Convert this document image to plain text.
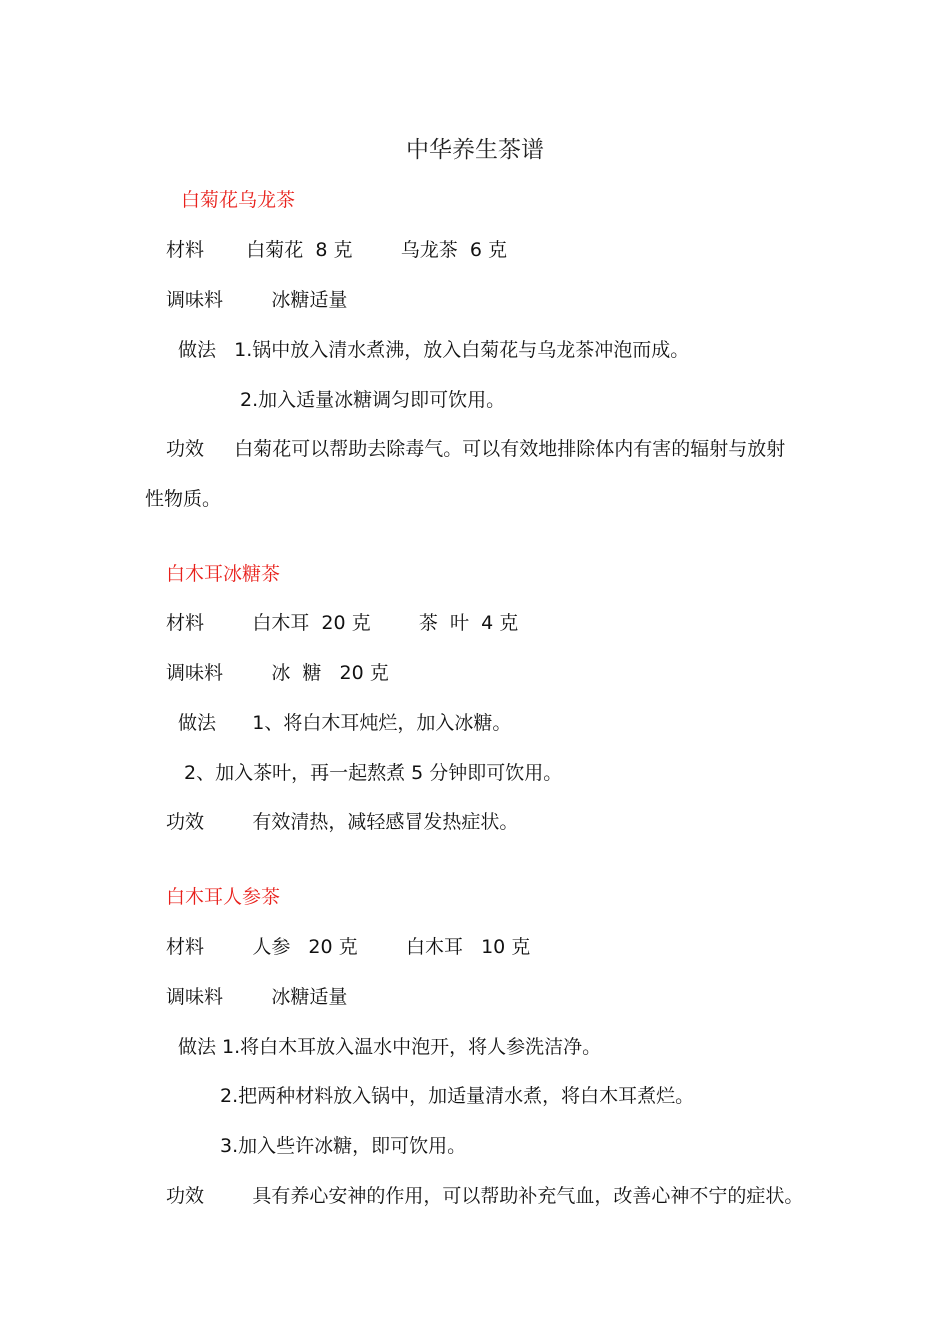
中华养生茶谱
白菊花乌龙茶
材料       白菊花  8 克        乌龙茶  6 克
调味料        冰糖适量
做法   1.锅中放入清水煮沸，放入白菊花与乌龙茶冲泡而成。
2.加入适量冰糖调匀即可饮用。
功效     白菊花可以帮助去除毒气。可以有效地排除体内有害的辐射与放射
性物质。
白木耳冰糖茶
材料        白木耳  20 克        茶  叶  4 克
调味料        冰  糖   20 克
做法      1、将白木耳炖烂，加入冰糖。
2、加入茶叶，再一起熬煮 5 分钟即可饮用。
功效        有效清热，减轻感冒发热症状。
白木耳人参茶
材料        人参   20 克        白木耳   10 克
调味料        冰糖适量
做法 1.将白木耳放入温水中泡开，将人参洗洁净。
2.把两种材料放入锅中，加适量清水煮，将白木耳煮烂。
3.加入些许冰糖，即可饮用。
功效        具有养心安神的作用，可以帮助补充气血，改善心神不宁的症状。
